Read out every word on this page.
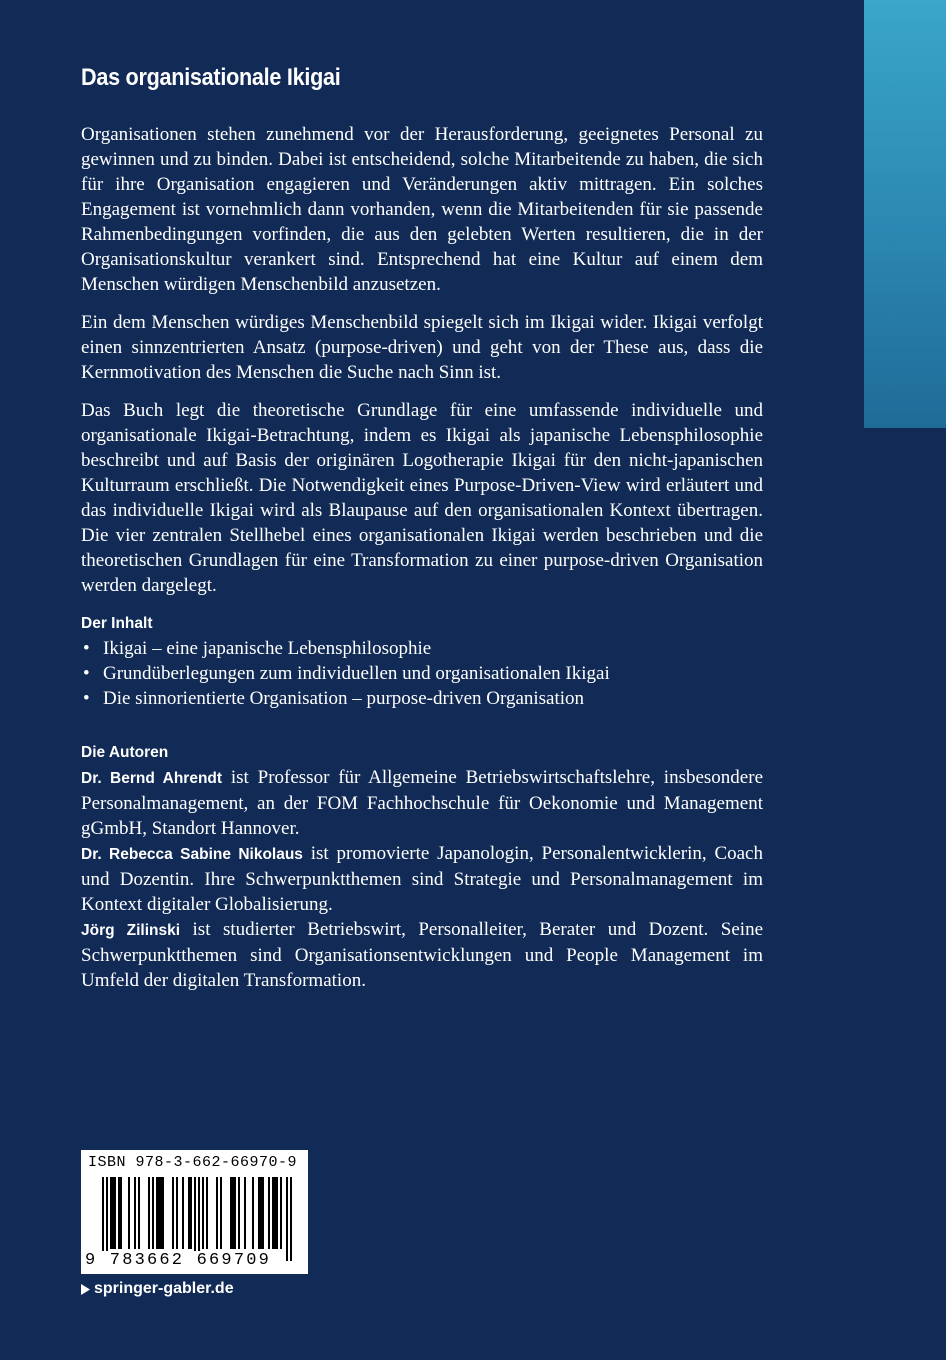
Das organisationale Ikigai

Organisationen stehen zunehmend vor der Herausforderung, geeignetes Personal zu gewinnen und zu binden. Dabei ist entscheidend, solche Mitarbeitende zu haben, die sich für ihre Organisation engagieren und Veränderungen aktiv mittragen. Ein solches Engagement ist vornehmlich dann vorhanden, wenn die Mitarbeitenden für sie passende Rahmenbedingungen vorfinden, die aus den gelebten Werten resultieren, die in der Organisationskultur verankert sind. Entsprechend hat eine Kultur auf einem dem Menschen würdigen Menschenbild anzusetzen.

Ein dem Menschen würdiges Menschenbild spiegelt sich im Ikigai wider. Ikigai verfolgt einen sinnzentrierten Ansatz (purpose-driven) und geht von der These aus, dass die Kernmotivation des Menschen die Suche nach Sinn ist.

Das Buch legt die theoretische Grundlage für eine umfassende individuelle und organisationale Ikigai-Betrachtung, indem es Ikigai als japanische Lebensphilosophie beschreibt und auf Basis der originären Logotherapie Ikigai für den nicht-japanischen Kulturraum erschließt. Die Notwendigkeit eines Purpose-Driven-View wird erläutert und das individuelle Ikigai wird als Blaupause auf den organisationalen Kontext übertragen. Die vier zentralen Stellhebel eines organisationalen Ikigai werden beschrieben und die theoretischen Grundlagen für eine Transformation zu einer purpose-driven Organisation werden dargelegt.

Der Inhalt
• Ikigai – eine japanische Lebensphilosophie
• Grundüberlegungen zum individuellen und organisationalen Ikigai
• Die sinnorientierte Organisation – purpose-driven Organisation
Die Autoren

Dr. Bernd Ahrendt ist Professor für Allgemeine Betriebswirtschaftslehre, insbesondere Personalmanagement, an der FOM Fachhochschule für Oekonomie und Management gGmbH, Standort Hannover.

Dr. Rebecca Sabine Nikolaus ist promovierte Japanologin, Personalentwicklerin, Coach und Dozentin. Ihre Schwerpunktthemen sind Strategie und Personalmanagement im Kontext digitaler Globalisierung.

Jörg Zilinski ist studierter Betriebswirt, Personalleiter, Berater und Dozent. Seine Schwerpunktthemen sind Organisationsentwicklungen und People Management im Umfeld der digitalen Transformation.

ISBN 978-3-662-66970-9
9 783662 669709
springer-gabler.de
